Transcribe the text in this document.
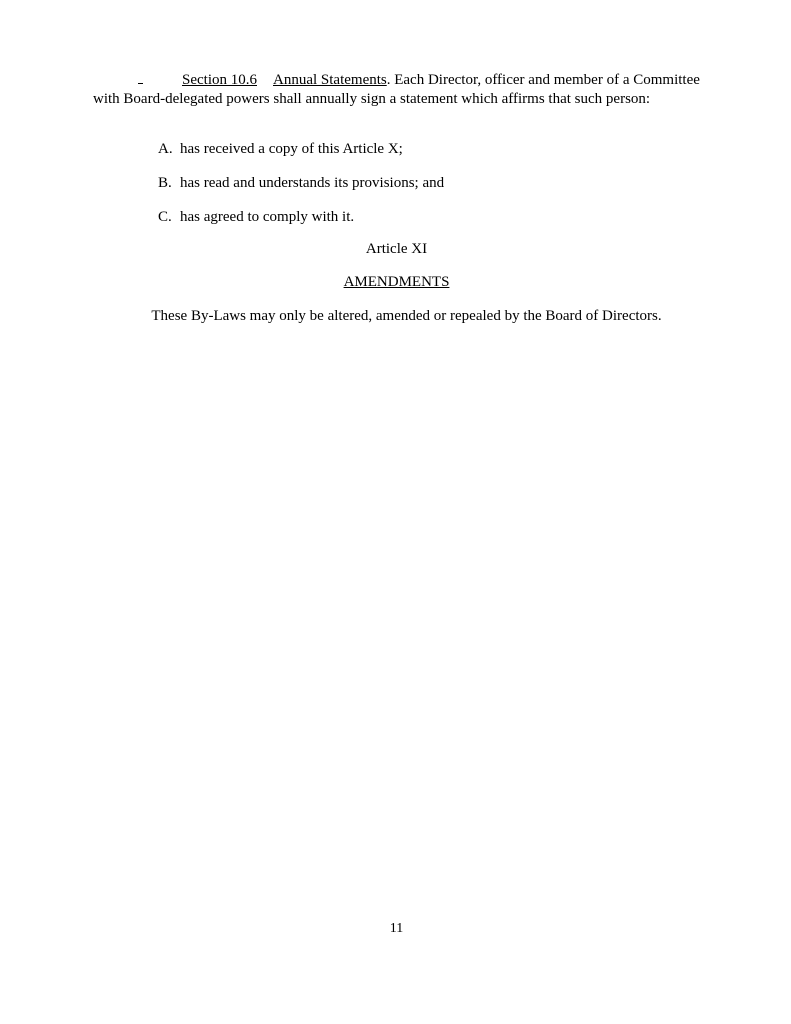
Section 10.6 Annual Statements. Each Director, officer and member of a Committee with Board-delegated powers shall annually sign a statement which affirms that such person:

A. has received a copy of this Article X;
B. has read and understands its provisions; and
C. has agreed to comply with it.

Article XI

AMENDMENTS

These By-Laws may only be altered, amended or repealed by the Board of Directors.

11
